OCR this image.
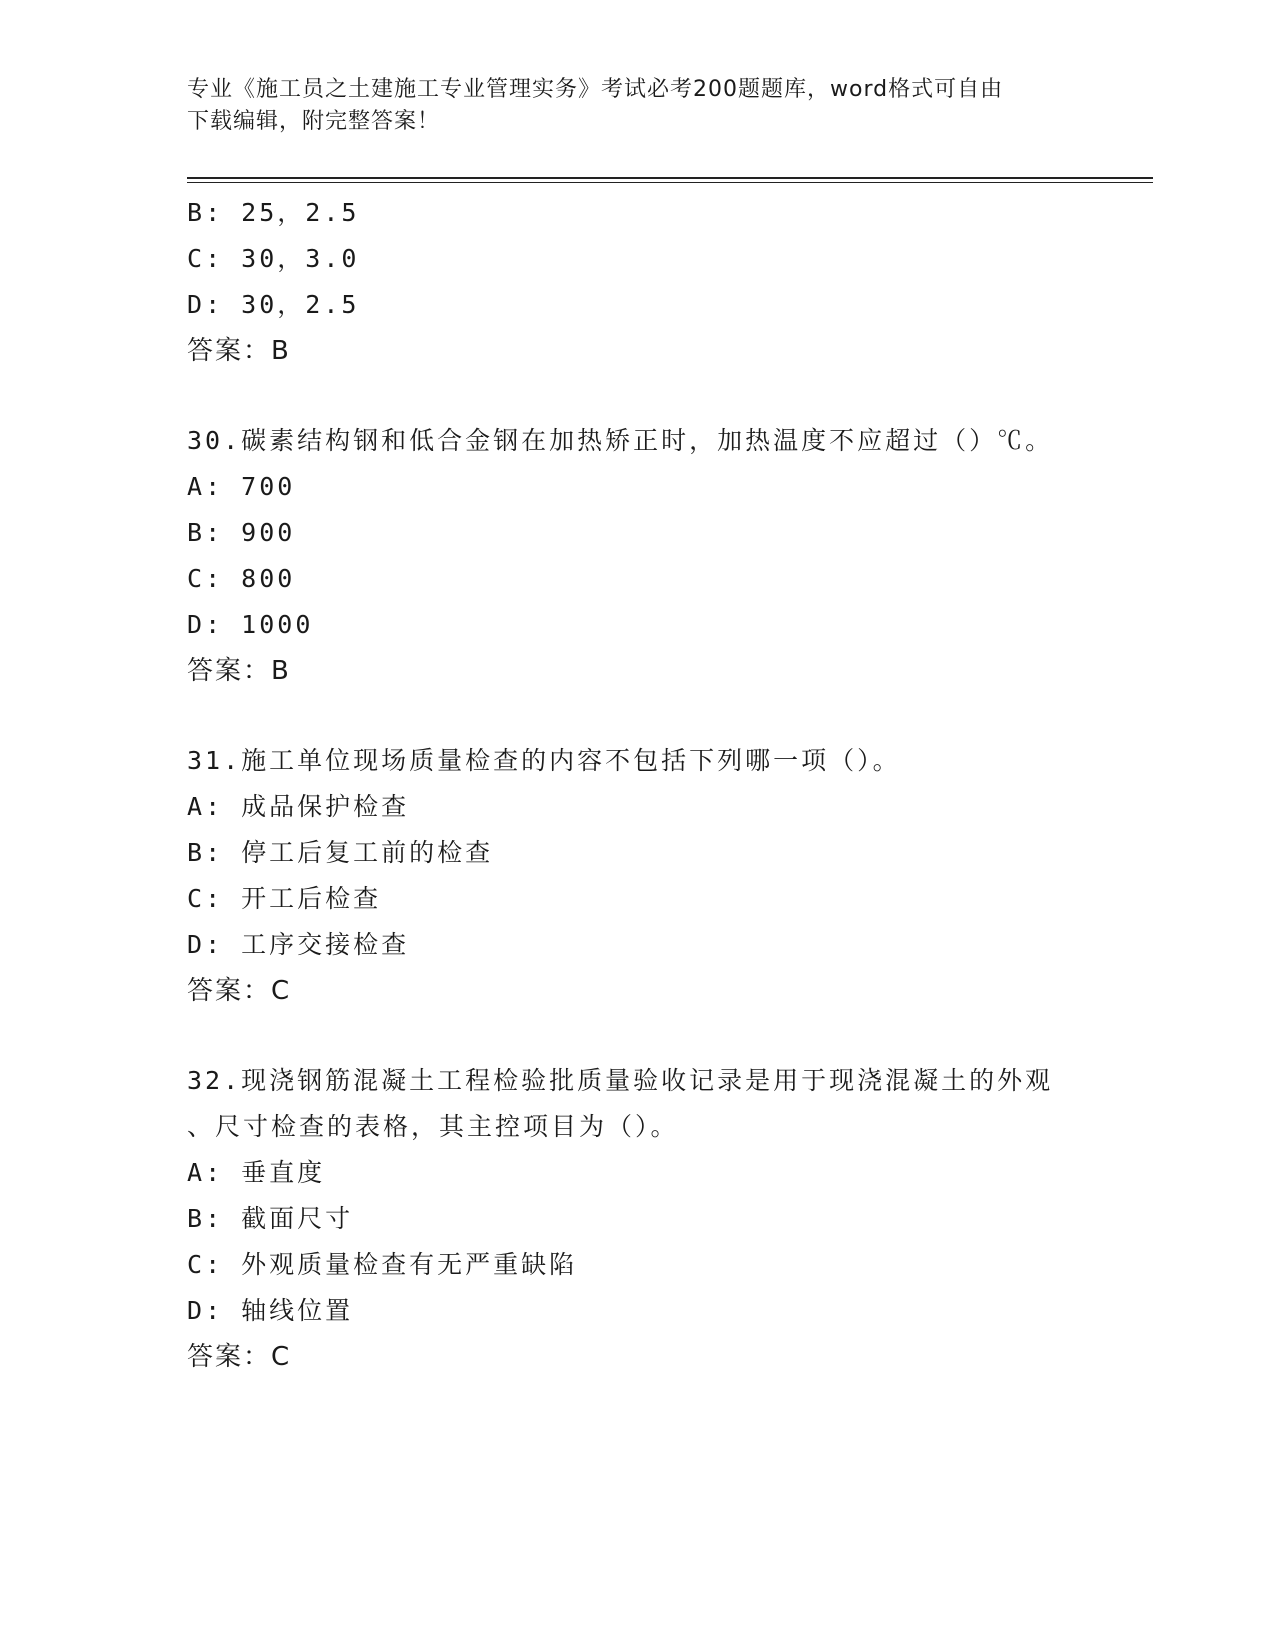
专业《施工员之土建施工专业管理实务》考试必考200题题库，word格式可自由
下载编辑，附完整答案！
B: 25，2.5
C: 30，3.0
D: 30，2.5
答案：B
30.碳素结构钢和低合金钢在加热矫正时，加热温度不应超过（）℃。
A: 700
B: 900
C: 800
D: 1000
答案：B
31.施工单位现场质量检查的内容不包括下列哪一项（）。
A: 成品保护检查
B: 停工后复工前的检查
C: 开工后检查
D: 工序交接检查
答案：C
32.现浇钢筋混凝土工程检验批质量验收记录是用于现浇混凝土的外观
、尺寸检查的表格，其主控项目为（）。
A: 垂直度
B: 截面尺寸
C: 外观质量检查有无严重缺陷
D: 轴线位置
答案：C
